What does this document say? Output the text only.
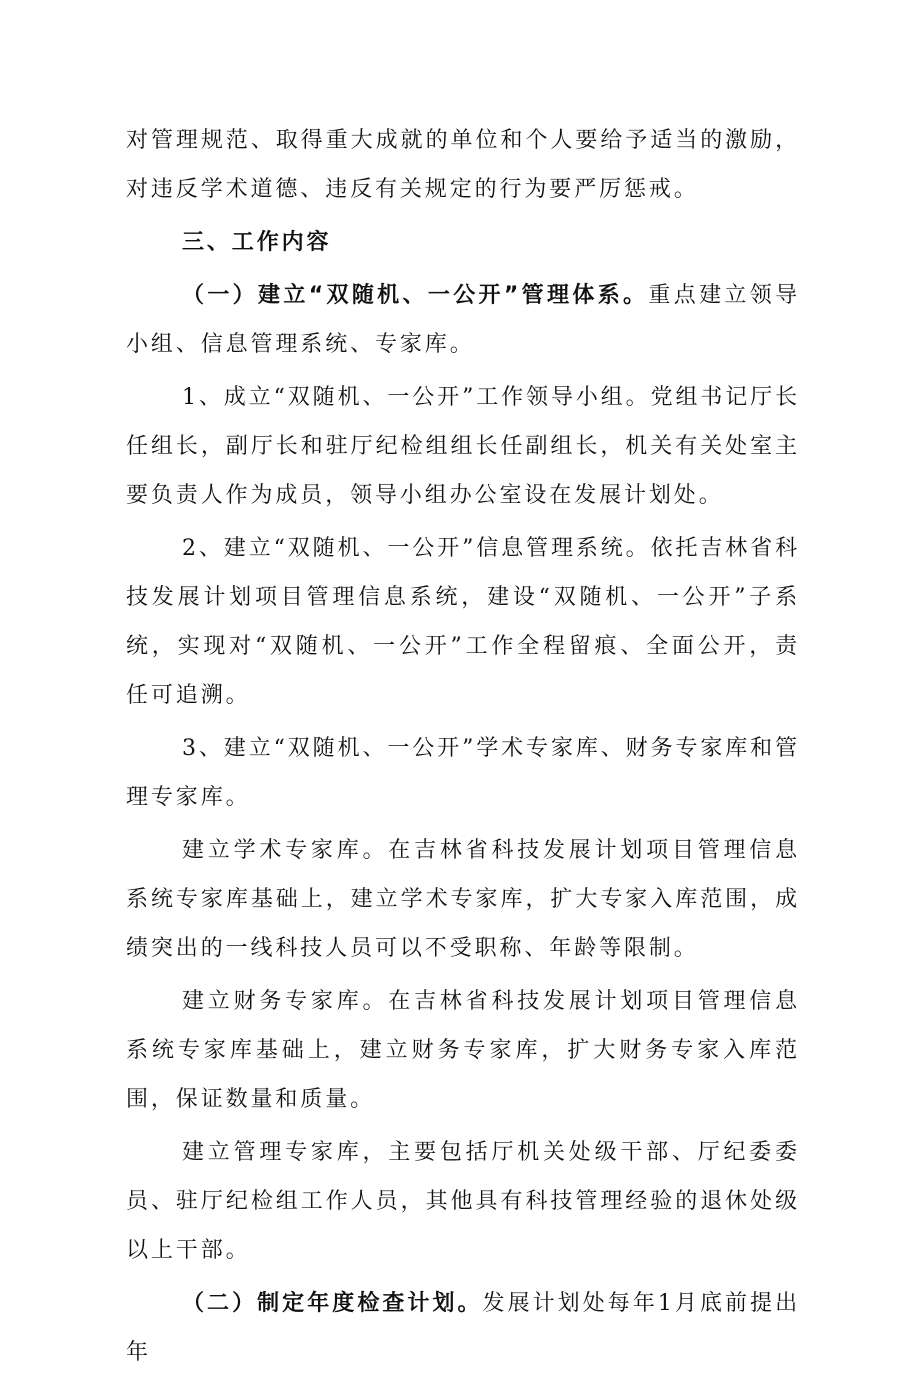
对管理规范、取得重大成就的单位和个人要给予适当的激励，对违反学术道德、违反有关规定的行为要严厉惩戒。

三、工作内容

（一）建立“双随机、一公开”管理体系。重点建立领导小组、信息管理系统、专家库。

1、成立“双随机、一公开”工作领导小组。党组书记厅长任组长，副厅长和驻厅纪检组组长任副组长，机关有关处室主要负责人作为成员，领导小组办公室设在发展计划处。

2、建立“双随机、一公开”信息管理系统。依托吉林省科技发展计划项目管理信息系统，建设“双随机、一公开”子系统，实现对“双随机、一公开”工作全程留痕、全面公开，责任可追溯。

3、建立“双随机、一公开”学术专家库、财务专家库和管理专家库。

建立学术专家库。在吉林省科技发展计划项目管理信息系统专家库基础上，建立学术专家库，扩大专家入库范围，成绩突出的一线科技人员可以不受职称、年龄等限制。

建立财务专家库。在吉林省科技发展计划项目管理信息系统专家库基础上，建立财务专家库，扩大财务专家入库范围，保证数量和质量。

建立管理专家库，主要包括厅机关处级干部、厅纪委委员、驻厅纪检组工作人员，其他具有科技管理经验的退休处级以上干部。

（二）制定年度检查计划。发展计划处每年1月底前提出年
